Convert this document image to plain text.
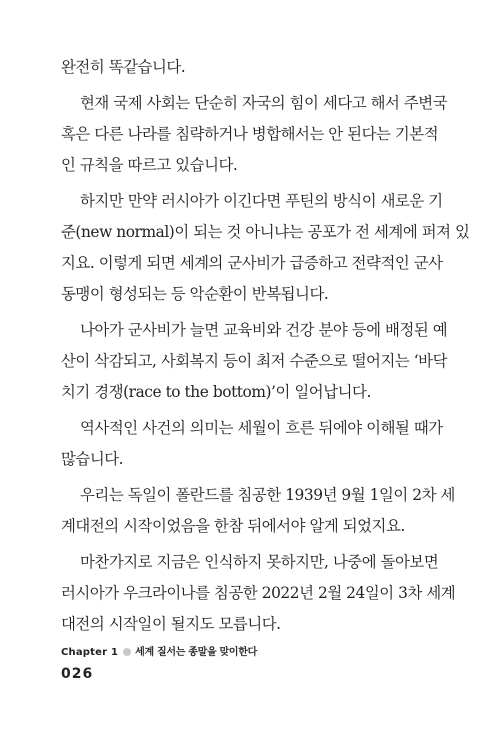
완전히 똑같습니다.
현재 국제 사회는 단순히 자국의 힘이 세다고 해서 주변국
혹은 다른 나라를 침략하거나 병합해서는 안 된다는 기본적
인 규칙을 따르고 있습니다.
하지만 만약 러시아가 이긴다면 푸틴의 방식이 새로운 기
준(new normal)이 되는 것 아니냐는 공포가 전 세계에 퍼져 있
지요. 이렇게 되면 세계의 군사비가 급증하고 전략적인 군사
동맹이 형성되는 등 악순환이 반복됩니다.
나아가 군사비가 늘면 교육비와 건강 분야 등에 배정된 예
산이 삭감되고, 사회복지 등이 최저 수준으로 떨어지는 ‘바닥
치기 경쟁(race to the bottom)’이 일어납니다.
역사적인 사건의 의미는 세월이 흐른 뒤에야 이해될 때가
많습니다.
우리는 독일이 폴란드를 침공한 1939년 9월 1일이 2차 세
계대전의 시작이었음을 한참 뒤에서야 알게 되었지요.
마찬가지로 지금은 인식하지 못하지만, 나중에 돌아보면
러시아가 우크라이나를 침공한 2022년 2월 24일이 3차 세계
대전의 시작일이 될지도 모릅니다.
Chapter 1 세계 질서는 종말을 맞이한다
026
